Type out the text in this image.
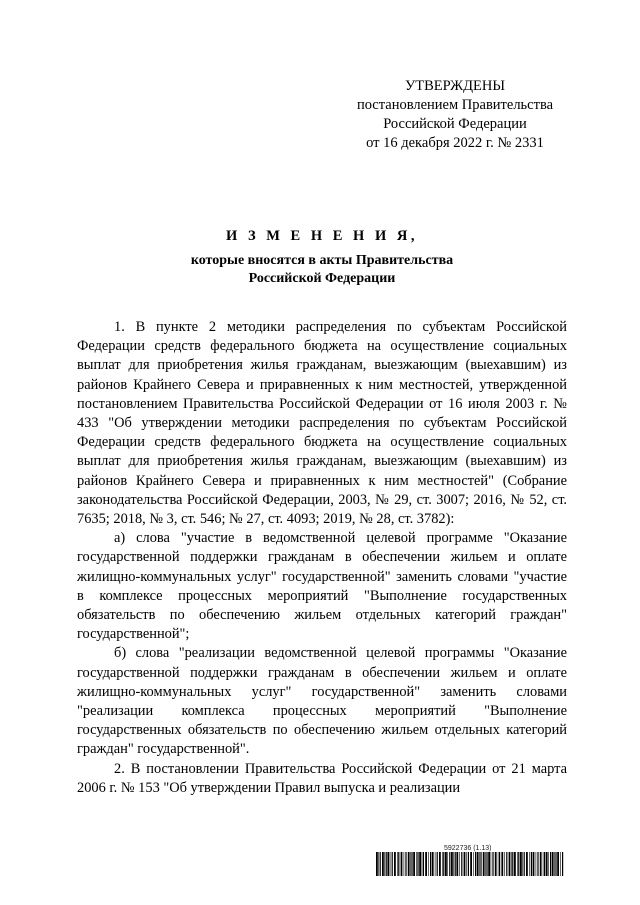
УТВЕРЖДЕНЫ
постановлением Правительства
Российской Федерации
от 16 декабря 2022 г. № 2331
И З М Е Н Е Н И Я,
которые вносятся в акты Правительства
Российской Федерации

1. В пункте 2 методики распределения по субъектам Российской Федерации средств федерального бюджета на осуществление социальных выплат для приобретения жилья гражданам, выезжающим (выехавшим) из районов Крайнего Севера и приравненных к ним местностей, утвержденной постановлением Правительства Российской Федерации от 16 июля 2003 г. № 433 "Об утверждении методики распределения по субъектам Российской Федерации средств федерального бюджета на осуществление социальных выплат для приобретения жилья гражданам, выезжающим (выехавшим) из районов Крайнего Севера и приравненных к ним местностей" (Собрание законодательства Российской Федерации, 2003, № 29, ст. 3007; 2016, № 52, ст. 7635; 2018, № 3, ст. 546; № 27, ст. 4093; 2019, № 28, ст. 3782):

а) слова "участие в ведомственной целевой программе "Оказание государственной поддержки гражданам в обеспечении жильем и оплате жилищно-коммунальных услуг" государственной" заменить словами "участие в комплексе процессных мероприятий "Выполнение государственных обязательств по обеспечению жильем отдельных категорий граждан" государственной";

б) слова "реализации ведомственной целевой программы "Оказание государственной поддержки гражданам в обеспечении жильем и оплате жилищно-коммунальных услуг" государственной" заменить словами "реализации комплекса процессных мероприятий "Выполнение государственных обязательств по обеспечению жильем отдельных категорий граждан" государственной".

2. В постановлении Правительства Российской Федерации от 21 марта 2006 г. № 153 "Об утверждении Правил выпуска и реализации

5922736 (1.13)
